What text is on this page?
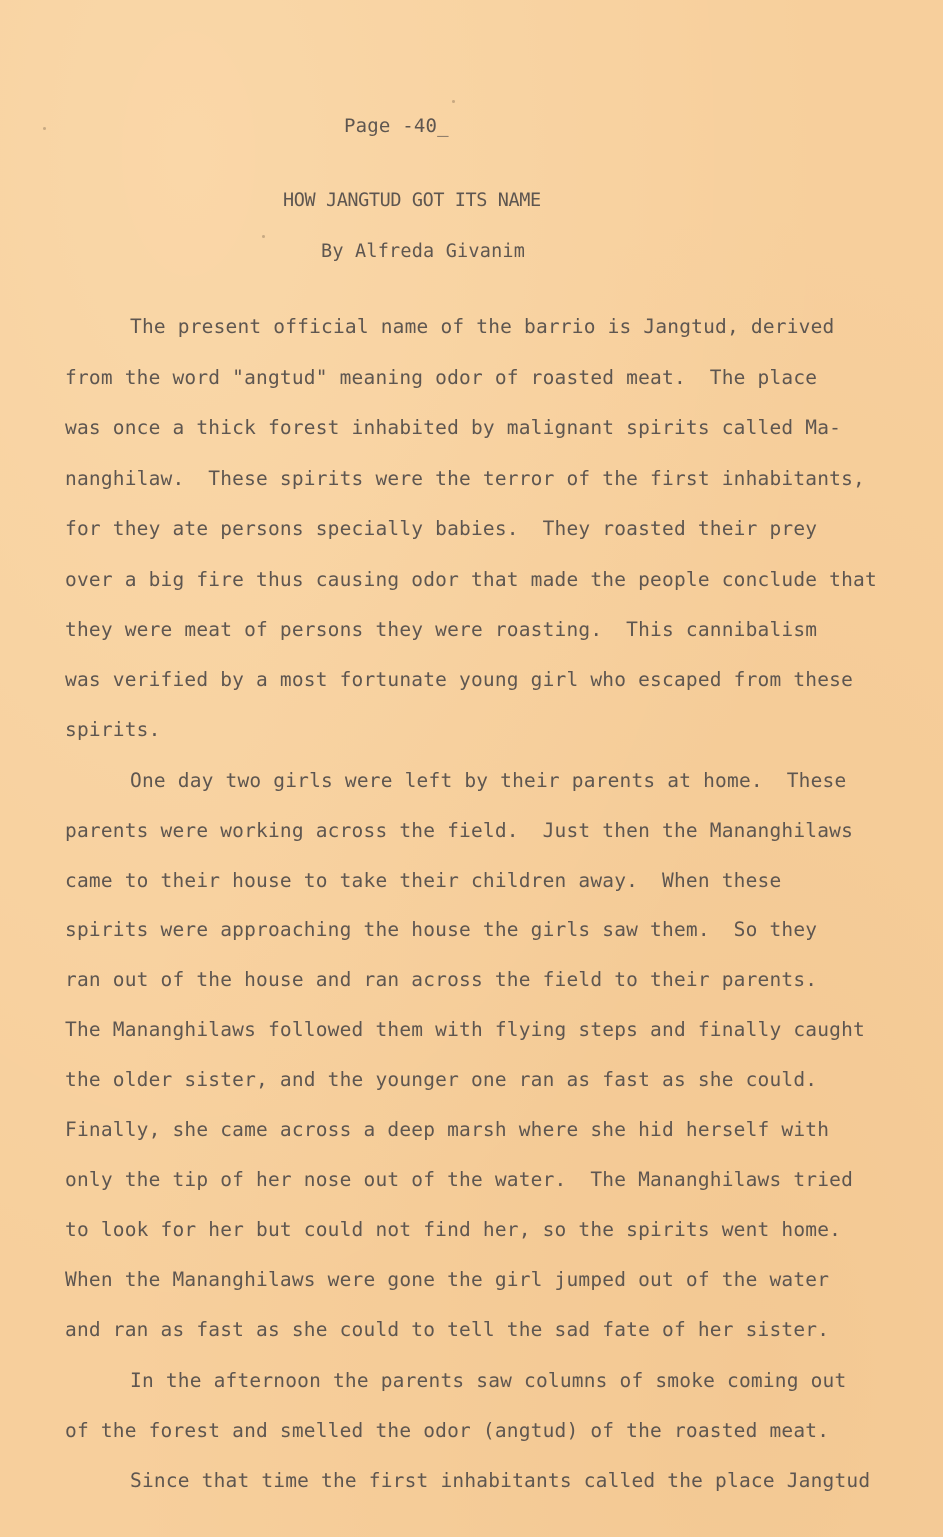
Page -40_
HOW JANGTUD GOT ITS NAME
By Alfreda Givanim
The present official name of the barrio is Jangtud, derived
from the word "angtud" meaning odor of roasted meat.  The place
was once a thick forest inhabited by malignant spirits called Ma-
nanghilaw.  These spirits were the terror of the first inhabitants,
for they ate persons specially babies.  They roasted their prey
over a big fire thus causing odor that made the people conclude that
they were meat of persons they were roasting.  This cannibalism
was verified by a most fortunate young girl who escaped from these
spirits.
One day two girls were left by their parents at home.  These
parents were working across the field.  Just then the Mananghilaws
came to their house to take their children away.  When these
spirits were approaching the house the girls saw them.  So they
ran out of the house and ran across the field to their parents.
The Mananghilaws followed them with flying steps and finally caught
the older sister, and the younger one ran as fast as she could.
Finally, she came across a deep marsh where she hid herself with
only the tip of her nose out of the water.  The Mananghilaws tried
to look for her but could not find her, so the spirits went home.
When the Mananghilaws were gone the girl jumped out of the water
and ran as fast as she could to tell the sad fate of her sister.
In the afternoon the parents saw columns of smoke coming out
of the forest and smelled the odor (angtud) of the roasted meat.
Since that time the first inhabitants called the place Jangtud
